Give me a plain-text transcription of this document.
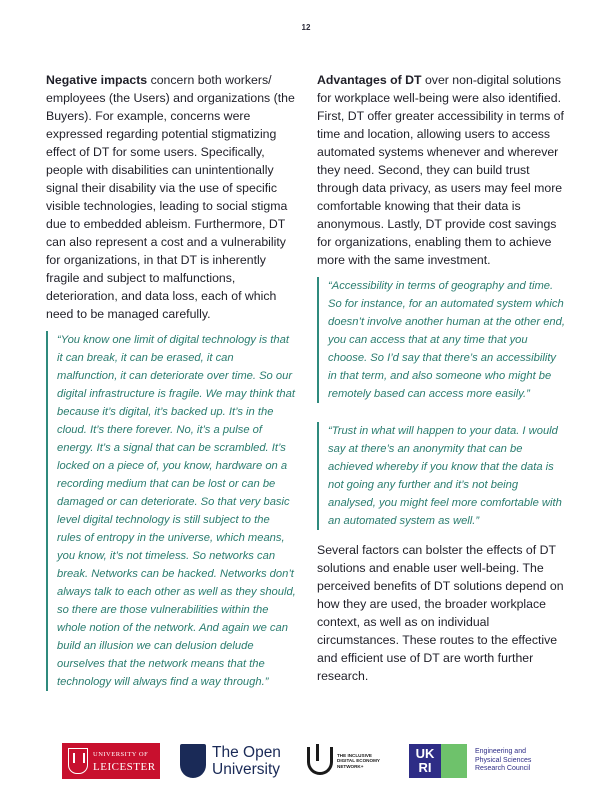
12

Negative impacts concern both workers/ employees (the Users) and organizations (the Buyers). For example, concerns were expressed regarding potential stigmatizing effect of DT for some users. Specifically, people with disabilities can unintentionally signal their disability via the use of specific visible technologies, leading to social stigma due to embedded ableism. Furthermore, DT can also represent a cost and a vulnerability for organizations, in that DT is inherently fragile and subject to malfunctions, deterioration, and data loss, each of which need to be managed carefully.

“You know one limit of digital technology is that it can break, it can be erased, it can malfunction, it can deteriorate over time. So our digital infrastructure is fragile. We may think that because it’s digital, it’s backed up. It’s in the cloud. It’s there forever. No, it’s a pulse of energy. It’s a signal that can be scrambled. It’s locked on a piece of, you know, hardware on a recording medium that can be lost or can be damaged or can deteriorate. So that very basic level digital technology is still subject to the rules of entropy in the universe, which means, you know, it’s not timeless. So networks can break. Networks can be hacked. Networks don’t always talk to each other as well as they should, so there are those vulnerabilities within the whole notion of the network. And again we can build an illusion we can delusion delude ourselves that the network means that the technology will always find a way through.”

Advantages of DT over non-digital solutions for workplace well-being were also identified. First, DT offer greater accessibility in terms of time and location, allowing users to access automated systems whenever and wherever they need. Second, they can build trust through data privacy, as users may feel more comfortable knowing that their data is anonymous. Lastly, DT provide cost savings for organizations, enabling them to achieve more with the same investment.

“Accessibility in terms of geography and time. So for instance, for an automated system which doesn’t involve another human at the other end, you can access that at any time that you choose. So I’d say that there’s an accessibility in that term, and also someone who might be remotely based can access more easily.”
“Trust in what will happen to your data. I would say at there’s an anonymity that can be achieved whereby if you know that the data is not going any further and it’s not being analysed, you might feel more comfortable with an automated system as well.”

Several factors can bolster the effects of DT solutions and enable user well-being. The perceived benefits of DT solutions depend on how they are used, the broader workplace context, as well as on individual circumstances. These routes to the effective and efficient use of DT are worth further research.

UNIVERSITY OF
LEICESTER
The Open
University
THE INCLUSIVE
DIGITAL ECONOMY
NETWORK+
UK RI
Engineering and
Physical Sciences
Research Council
